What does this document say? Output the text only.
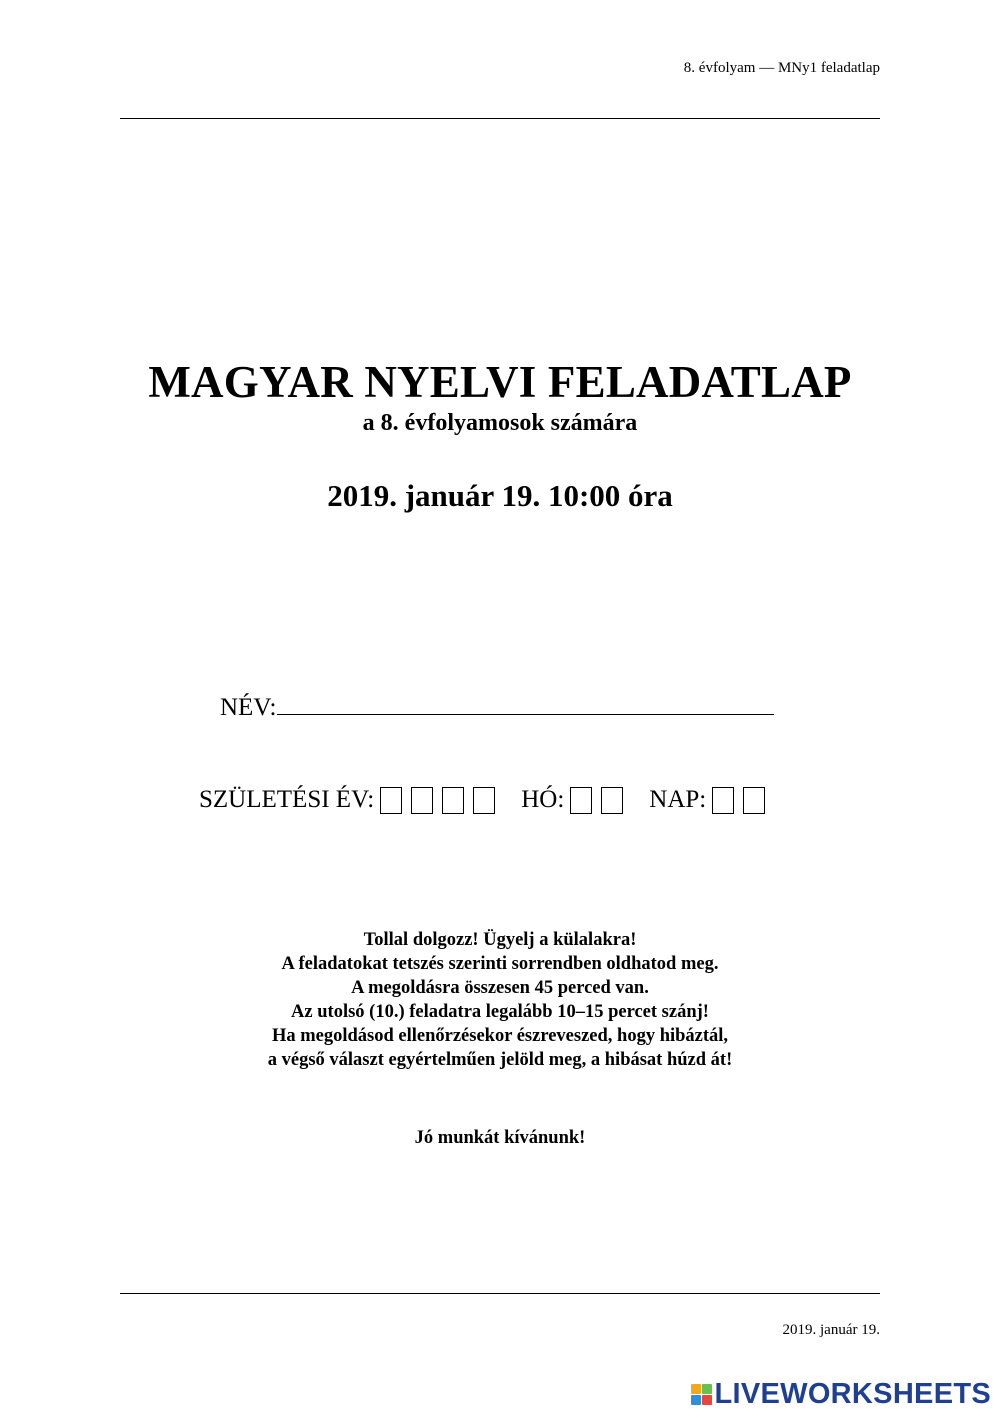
8. évfolyam — MNy1 feladatlap
MAGYAR NYELVI FELADATLAP
a 8. évfolyamosok számára
2019. január 19. 10:00 óra
NÉV:
SZÜLETÉSI ÉV:	HÓ:	NAP:
Tollal dolgozz! Ügyelj a külalakra!
A feladatokat tetszés szerinti sorrendben oldhatod meg.
A megoldásra összesen 45 perced van.
Az utolsó (10.) feladatra legalább 10–15 percet szánj!
Ha megoldásod ellenőrzésekor észreveszed, hogy hibáztál,
a végső választ egyértelműen jelöld meg, a hibásat húzd át!
Jó munkát kívánunk!
2019. január 19.
LIVEWORKSHEETS
